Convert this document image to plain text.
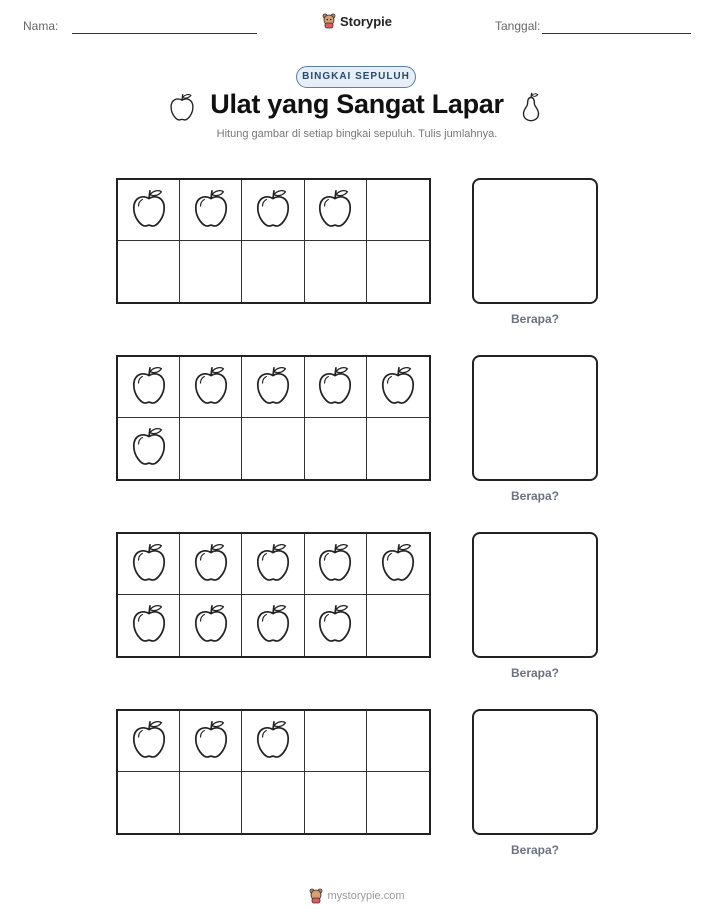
Nama:	Storypie	Tanggal:
BINGKAI SEPULUH
Ulat yang Sangat Lapar
Hitung gambar di setiap bingkai sepuluh. Tulis jumlahnya.
Berapa?
Berapa?
Berapa?
Berapa?
mystorypie.com
